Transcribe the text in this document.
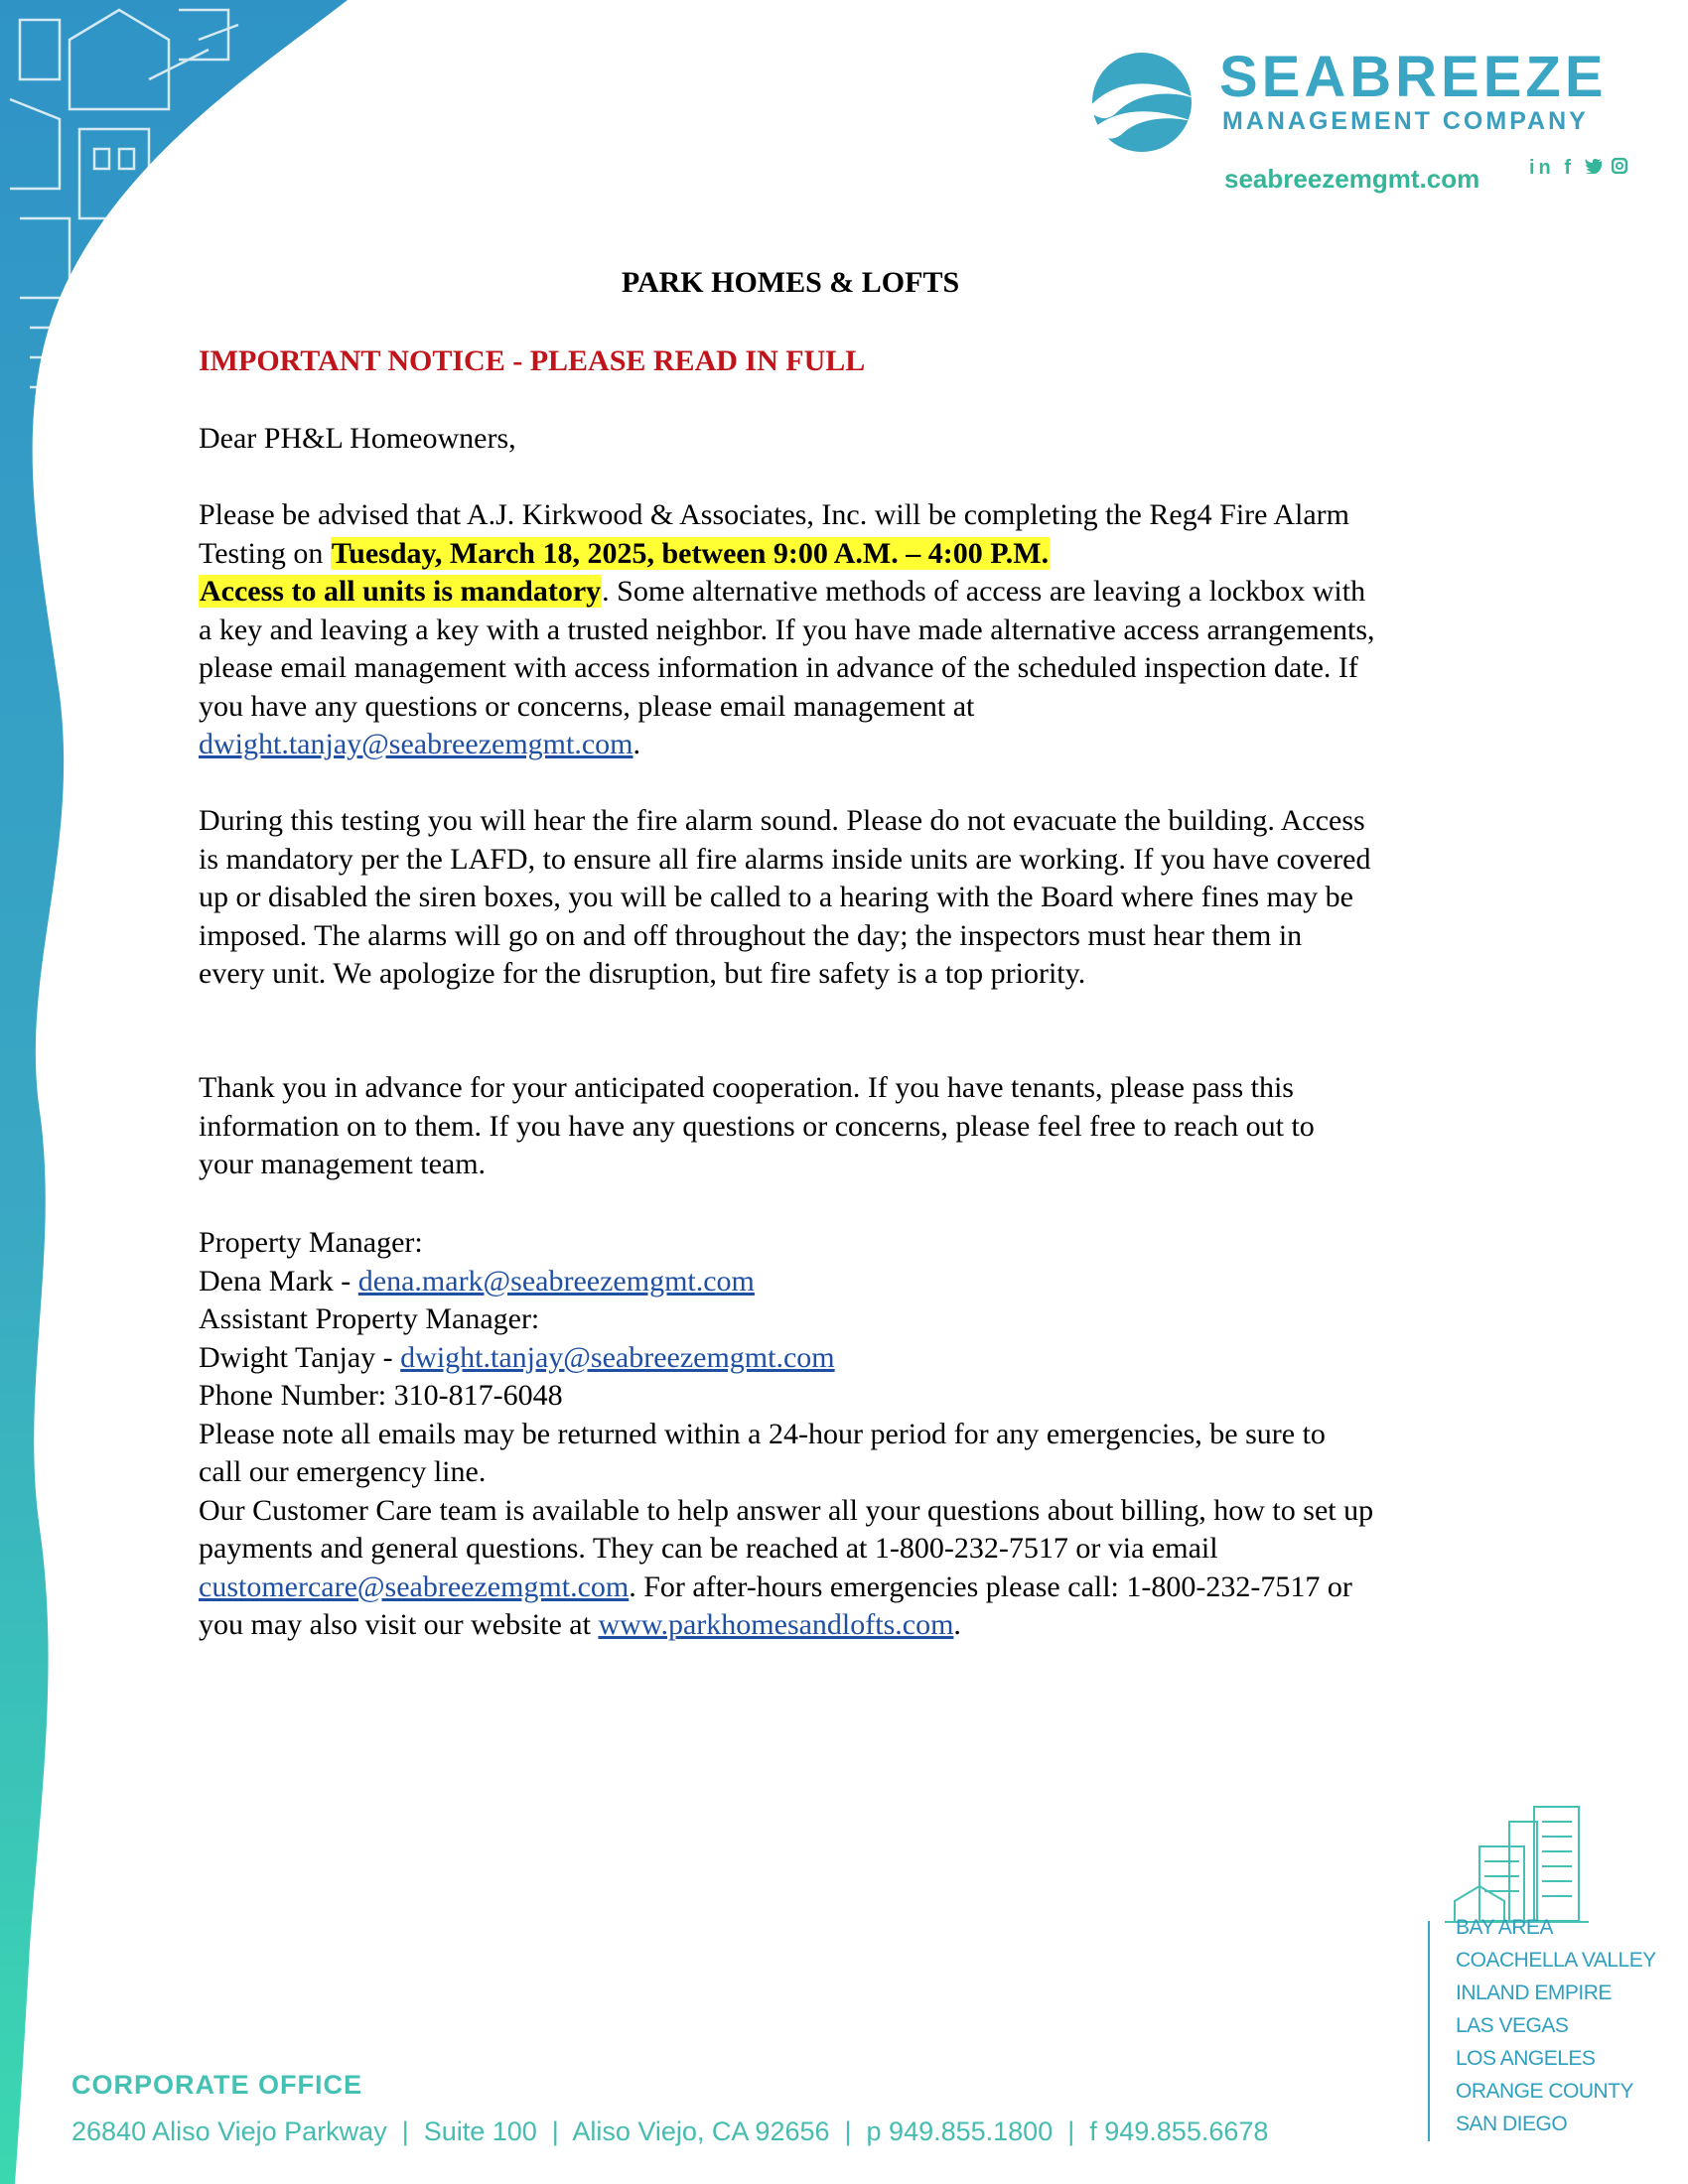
SEABREEZE
MANAGEMENT COMPANY
seabreezemgmt.com in f
PARK HOMES & LOFTS
IMPORTANT NOTICE - PLEASE READ IN FULL
Dear PH&L Homeowners,

Please be advised that A.J. Kirkwood & Associates, Inc. will be completing the Reg4 Fire Alarm Testing on Tuesday, March 18, 2025, between 9:00 A.M. – 4:00 P.M.
Access to all units is mandatory. Some alternative methods of access are leaving a lockbox with a key and leaving a key with a trusted neighbor. If you have made alternative access arrangements, please email management with access information in advance of the scheduled inspection date. If you have any questions or concerns, please email management at dwight.tanjay@seabreezemgmt.com.

During this testing you will hear the fire alarm sound. Please do not evacuate the building. Access is mandatory per the LAFD, to ensure all fire alarms inside units are working. If you have covered up or disabled the siren boxes, you will be called to a hearing with the Board where fines may be imposed. The alarms will go on and off throughout the day; the inspectors must hear them in every unit. We apologize for the disruption, but fire safety is a top priority.

Thank you in advance for your anticipated cooperation. If you have tenants, please pass this information on to them. If you have any questions or concerns, please feel free to reach out to your management team.

Property Manager:
Dena Mark - dena.mark@seabreezemgmt.com
Assistant Property Manager:
Dwight Tanjay - dwight.tanjay@seabreezemgmt.com
Phone Number: 310-817-6048
Please note all emails may be returned within a 24-hour period for any emergencies, be sure to call our emergency line.
Our Customer Care team is available to help answer all your questions about billing, how to set up payments and general questions. They can be reached at 1-800-232-7517 or via email customercare@seabreezemgmt.com. For after-hours emergencies please call: 1-800-232-7517 or you may also visit our website at www.parkhomesandlofts.com.
BAY AREA
COACHELLA VALLEY
INLAND EMPIRE
LAS VEGAS
LOS ANGELES
ORANGE COUNTY
SAN DIEGO
CORPORATE OFFICE
26840 Aliso Viejo Parkway  |  Suite 100  |  Aliso Viejo, CA 92656  |  p 949.855.1800  |  f 949.855.6678
